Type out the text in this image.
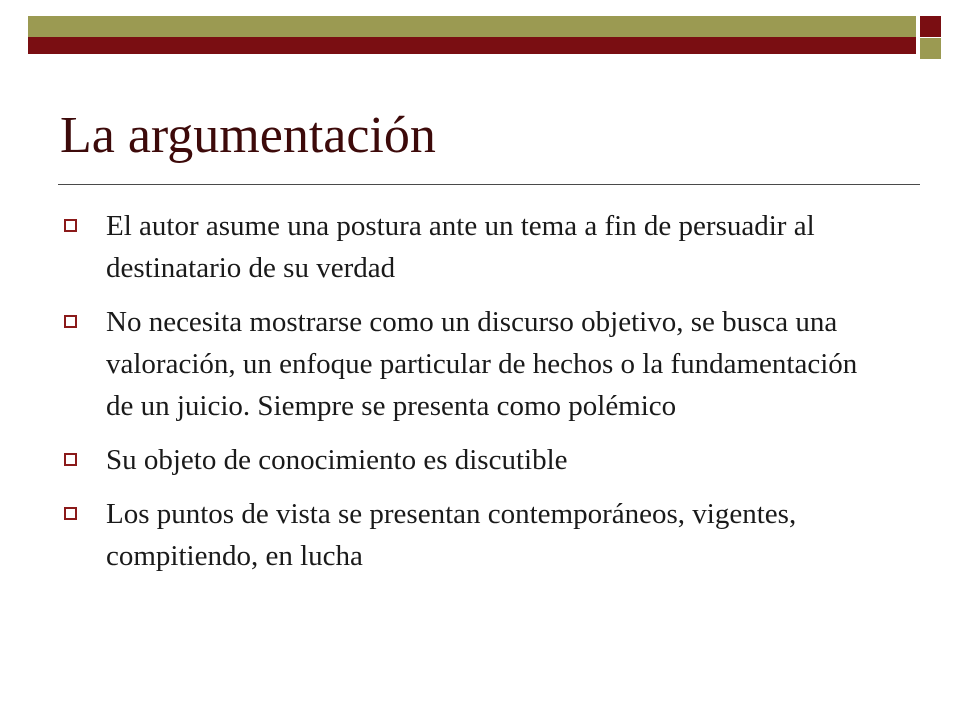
La argumentación
El autor asume una postura ante un tema a fin de persuadir al destinatario de su verdad
No necesita mostrarse como un discurso objetivo, se busca una valoración, un enfoque particular de hechos o la fundamentación de un juicio. Siempre se presenta como polémico
Su objeto de conocimiento es discutible
Los puntos de vista se presentan contemporáneos, vigentes, compitiendo, en lucha
